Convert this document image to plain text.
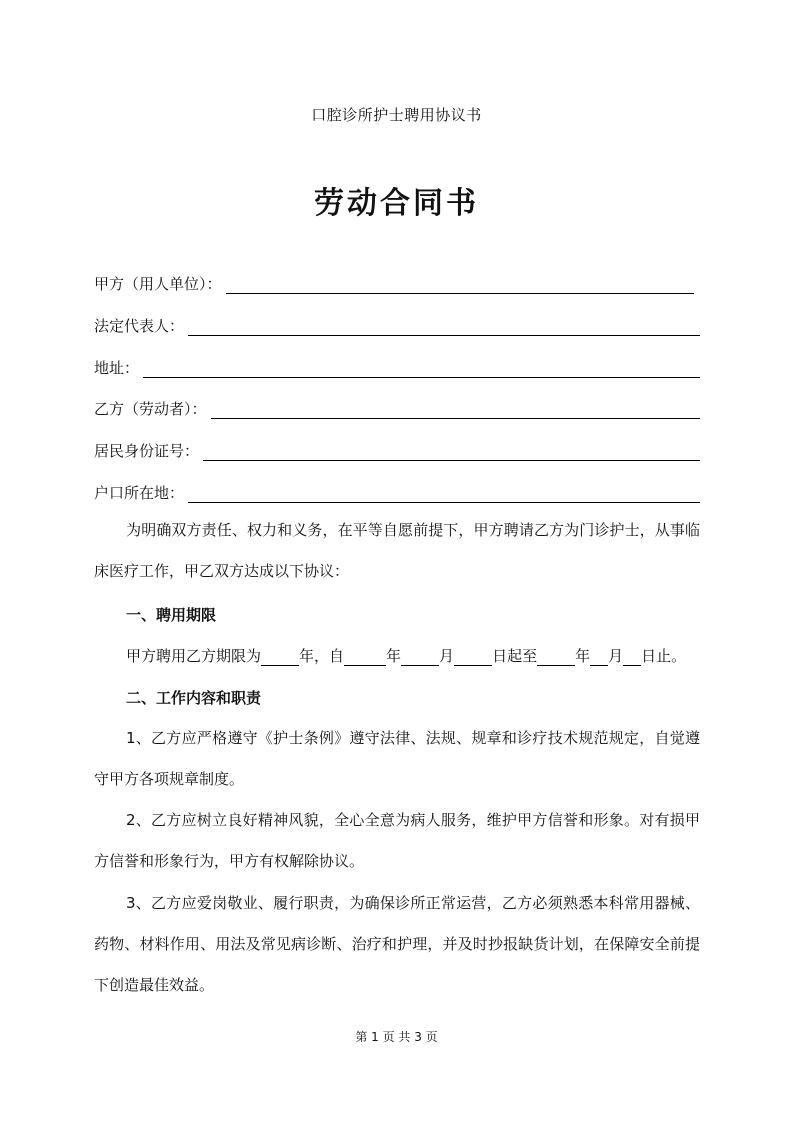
口腔诊所护士聘用协议书
劳动合同书
甲方（用人单位）：
法定代表人：
地址：
乙方（劳动者）：
居民身份证号：
户口所在地：
为明确双方责任、权力和义务，在平等自愿前提下，甲方聘请乙方为门诊护士，从事临床医疗工作，甲乙双方达成以下协议：
一、聘用期限
甲方聘用乙方期限为	年，自	年	月	日起至	年 月 日止。
二、工作内容和职责
1、乙方应严格遵守《护士条例》遵守法律、法规、规章和诊疗技术规范规定，自觉遵守甲方各项规章制度。
2、乙方应树立良好精神风貌，全心全意为病人服务，维护甲方信誉和形象。对有损甲方信誉和形象行为，甲方有权解除协议。
3、乙方应爱岗敬业、履行职责，为确保诊所正常运营，乙方必须熟悉本科常用器械、药物、材料作用、用法及常见病诊断、治疗和护理，并及时抄报缺货计划，在保障安全前提下创造最佳效益。
第 1 页 共 3 页
